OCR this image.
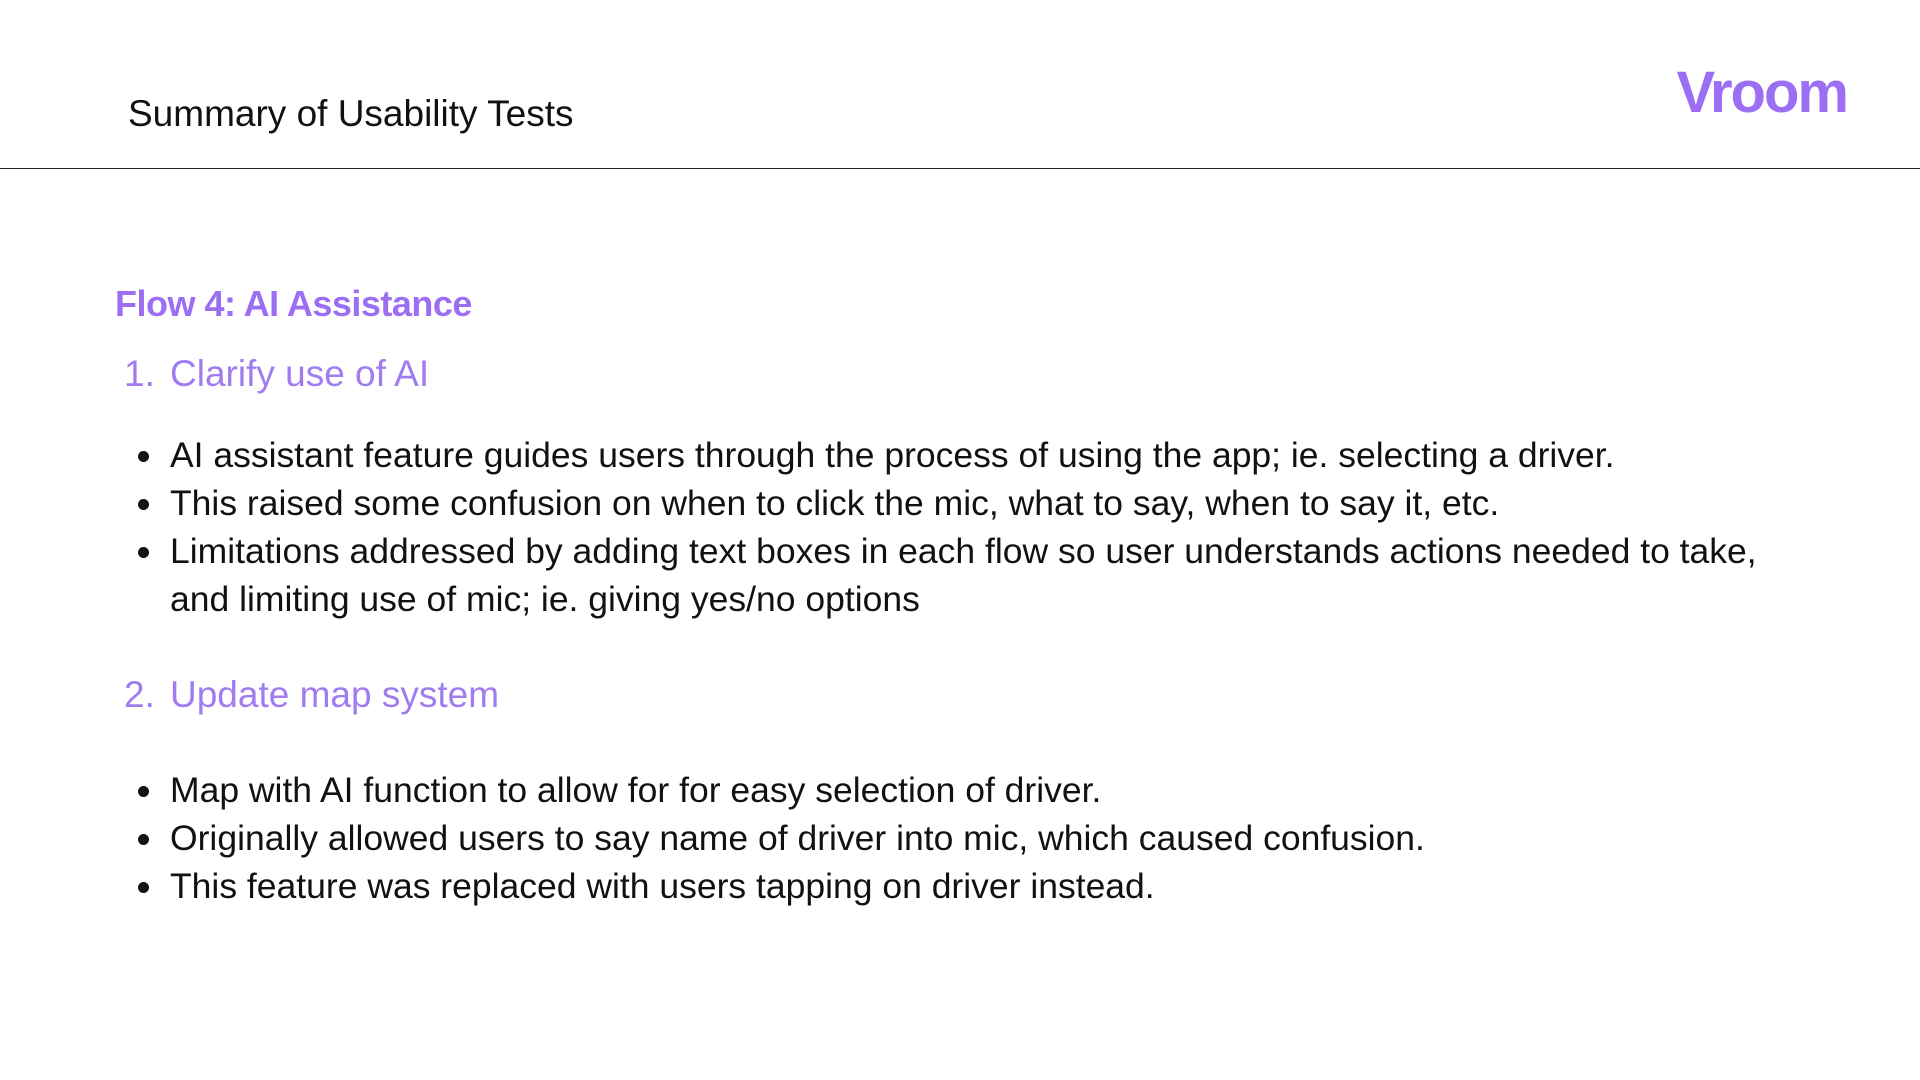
Summary of Usability Tests	Vroom
Flow 4: AI Assistance
1. Clarify use of AI
AI assistant feature guides users through the process of using the app; ie. selecting a driver.
This raised some confusion on when to click the mic, what to say, when to say it, etc.
Limitations addressed by adding text boxes in each flow so user understands actions needed to take, and limiting use of mic; ie. giving yes/no options
2. Update map system
Map with AI function to allow for for easy selection of driver.
Originally allowed users to say name of driver into mic, which caused confusion.
This feature was replaced with users tapping on driver instead.
